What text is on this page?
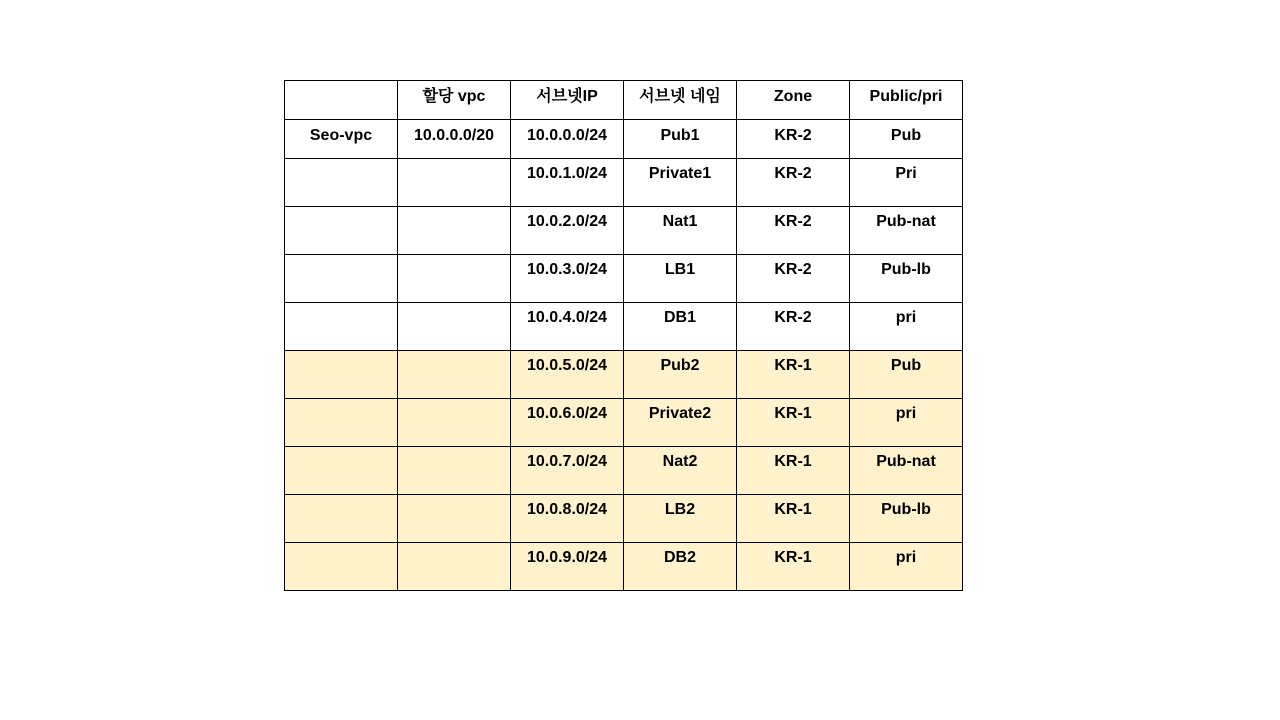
	할당 vpc	서브넷IP	서브넷 네임	Zone	Public/pri
Seo-vpc	10.0.0.0/20	10.0.0.0/24	Pub1	KR-2	Pub
		10.0.1.0/24	Private1	KR-2	Pri
		10.0.2.0/24	Nat1	KR-2	Pub-nat
		10.0.3.0/24	LB1	KR-2	Pub-lb
		10.0.4.0/24	DB1	KR-2	pri
		10.0.5.0/24	Pub2	KR-1	Pub
		10.0.6.0/24	Private2	KR-1	pri
		10.0.7.0/24	Nat2	KR-1	Pub-nat
		10.0.8.0/24	LB2	KR-1	Pub-lb
		10.0.9.0/24	DB2	KR-1	pri
